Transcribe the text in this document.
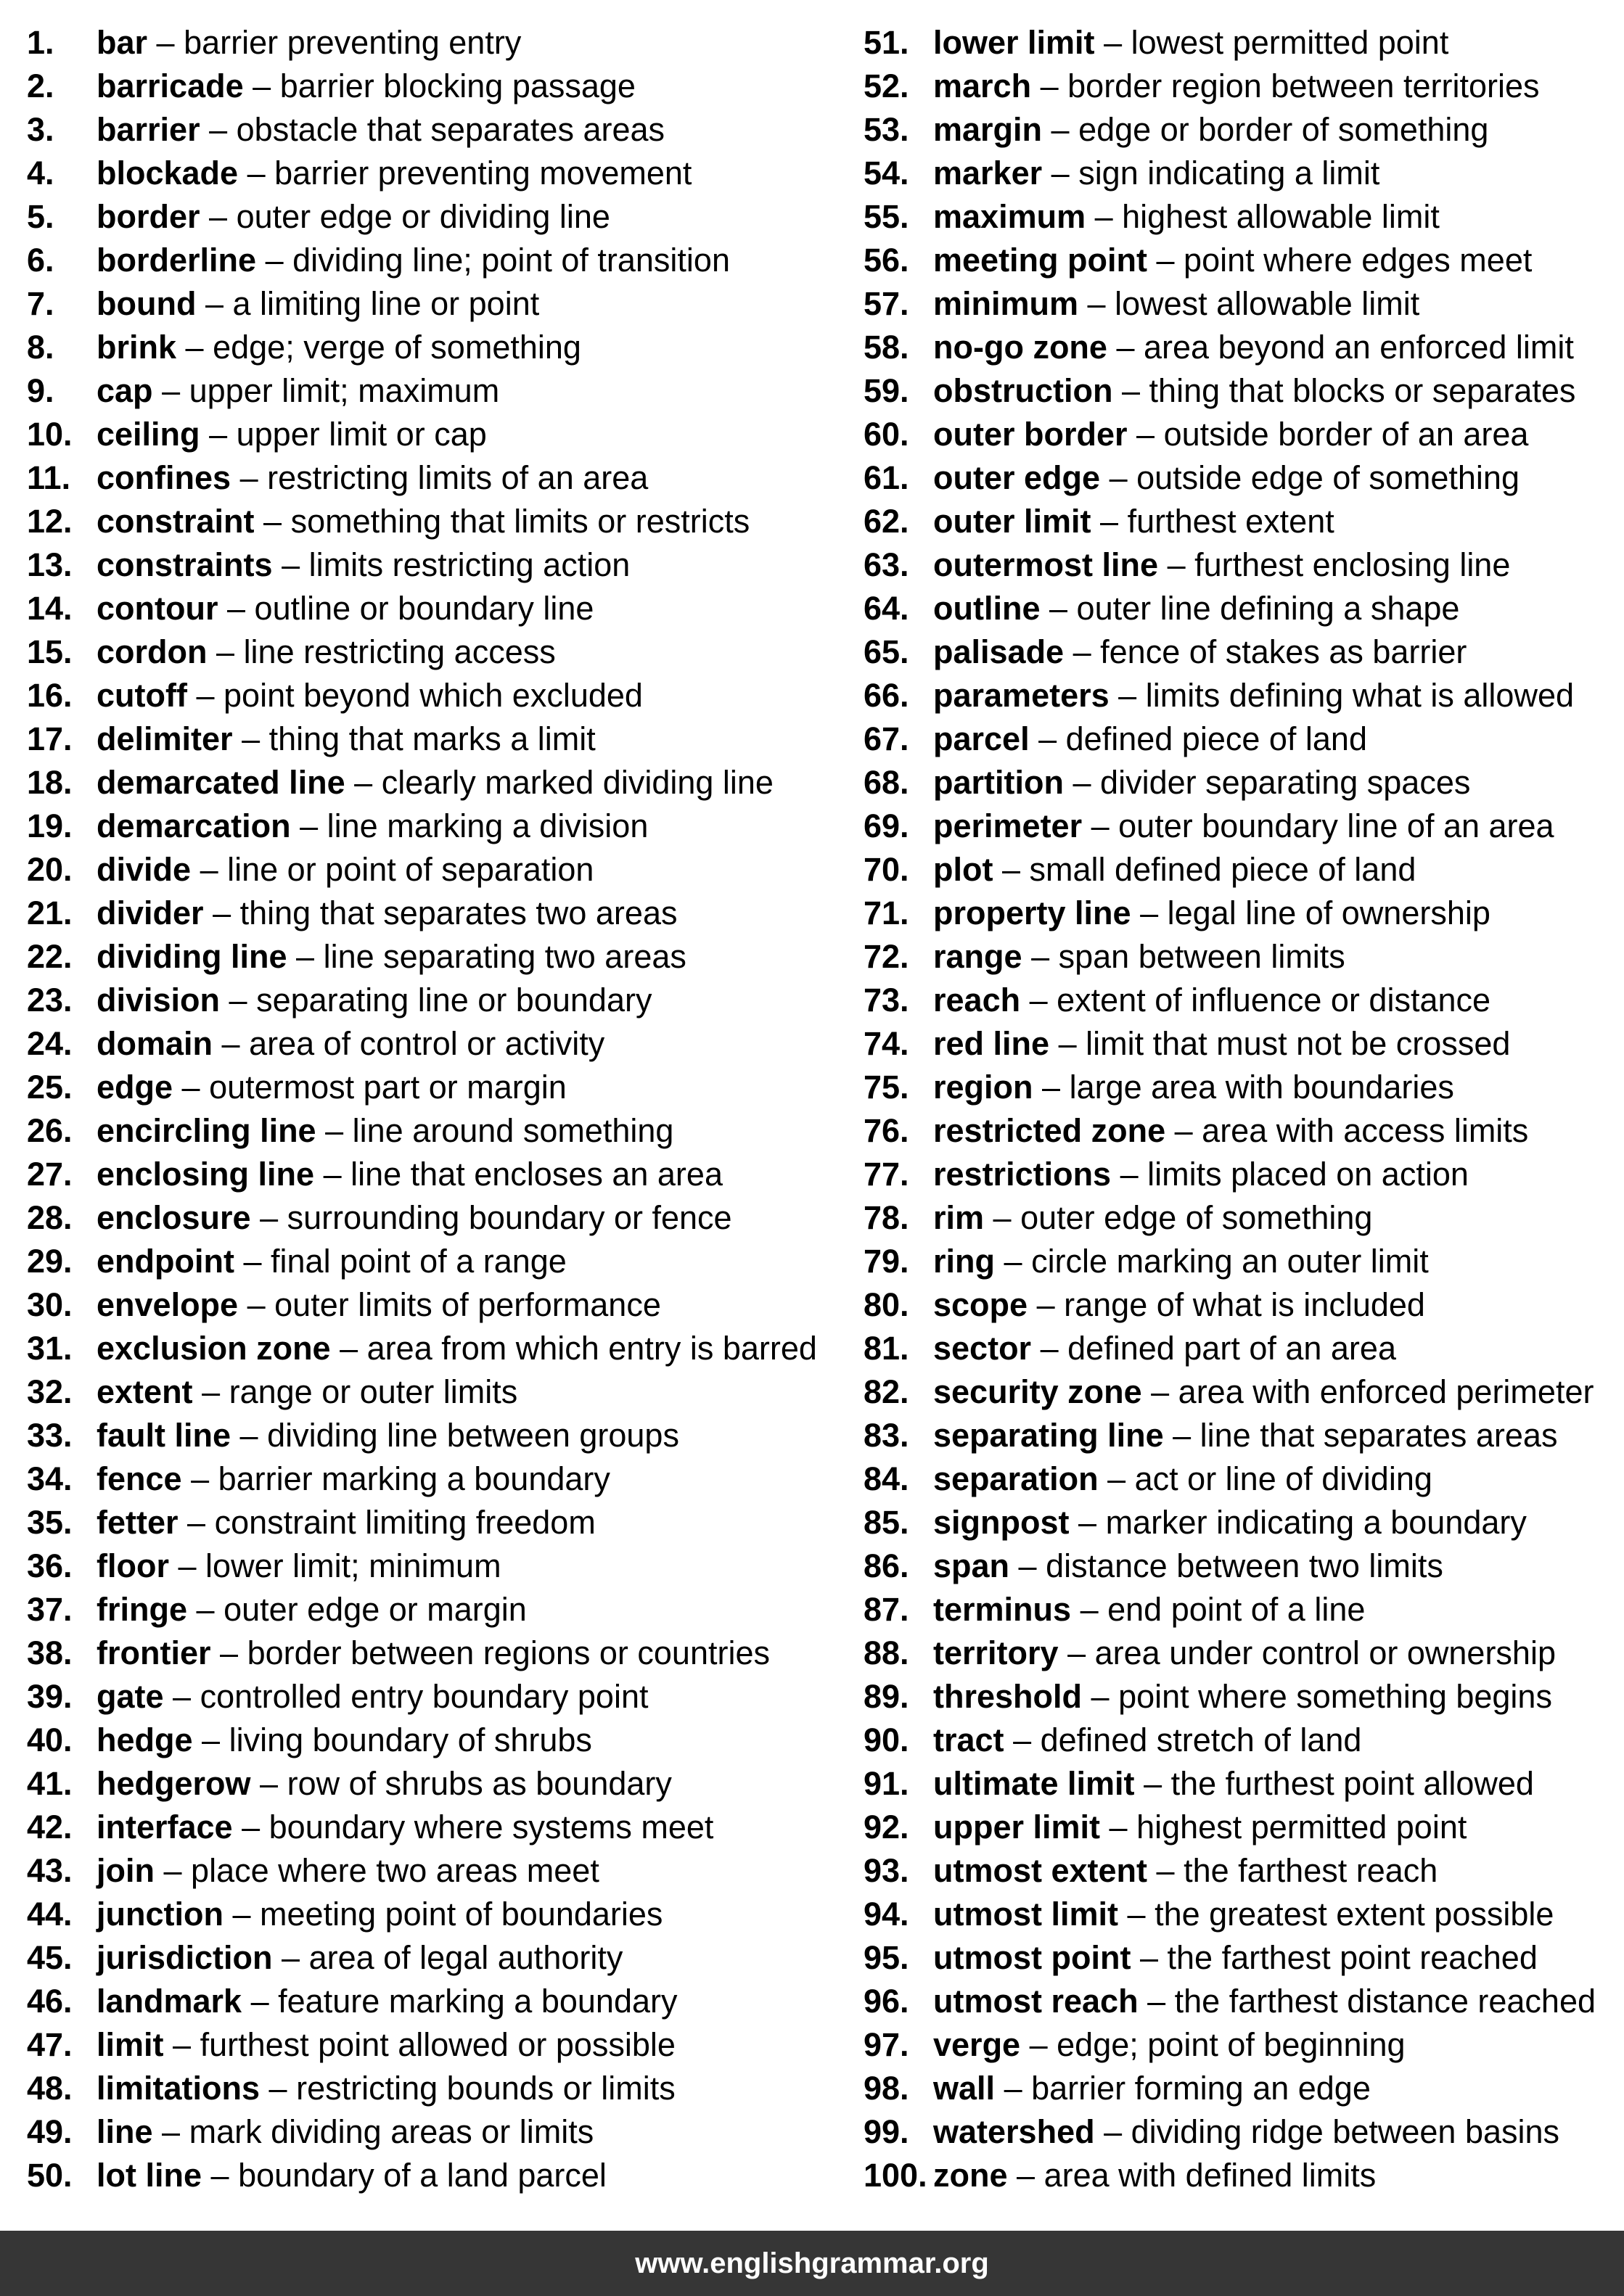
1. bar – barrier preventing entry
2. barricade – barrier blocking passage
3. barrier – obstacle that separates areas
4. blockade – barrier preventing movement
5. border – outer edge or dividing line
6. borderline – dividing line; point of transition
7. bound – a limiting line or point
8. brink – edge; verge of something
9. cap – upper limit; maximum
10. ceiling – upper limit or cap
11. confines – restricting limits of an area
12. constraint – something that limits or restricts
13. constraints – limits restricting action
14. contour – outline or boundary line
15. cordon – line restricting access
16. cutoff – point beyond which excluded
17. delimiter – thing that marks a limit
18. demarcated line – clearly marked dividing line
19. demarcation – line marking a division
20. divide – line or point of separation
21. divider – thing that separates two areas
22. dividing line – line separating two areas
23. division – separating line or boundary
24. domain – area of control or activity
25. edge – outermost part or margin
26. encircling line – line around something
27. enclosing line – line that encloses an area
28. enclosure – surrounding boundary or fence
29. endpoint – final point of a range
30. envelope – outer limits of performance
31. exclusion zone – area from which entry is barred
32. extent – range or outer limits
33. fault line – dividing line between groups
34. fence – barrier marking a boundary
35. fetter – constraint limiting freedom
36. floor – lower limit; minimum
37. fringe – outer edge or margin
38. frontier – border between regions or countries
39. gate – controlled entry boundary point
40. hedge – living boundary of shrubs
41. hedgerow – row of shrubs as boundary
42. interface – boundary where systems meet
43. join – place where two areas meet
44. junction – meeting point of boundaries
45. jurisdiction – area of legal authority
46. landmark – feature marking a boundary
47. limit – furthest point allowed or possible
48. limitations – restricting bounds or limits
49. line – mark dividing areas or limits
50. lot line – boundary of a land parcel
51. lower limit – lowest permitted point
52. march – border region between territories
53. margin – edge or border of something
54. marker – sign indicating a limit
55. maximum – highest allowable limit
56. meeting point – point where edges meet
57. minimum – lowest allowable limit
58. no-go zone – area beyond an enforced limit
59. obstruction – thing that blocks or separates
60. outer border – outside border of an area
61. outer edge – outside edge of something
62. outer limit – furthest extent
63. outermost line – furthest enclosing line
64. outline – outer line defining a shape
65. palisade – fence of stakes as barrier
66. parameters – limits defining what is allowed
67. parcel – defined piece of land
68. partition – divider separating spaces
69. perimeter – outer boundary line of an area
70. plot – small defined piece of land
71. property line – legal line of ownership
72. range – span between limits
73. reach – extent of influence or distance
74. red line – limit that must not be crossed
75. region – large area with boundaries
76. restricted zone – area with access limits
77. restrictions – limits placed on action
78. rim – outer edge of something
79. ring – circle marking an outer limit
80. scope – range of what is included
81. sector – defined part of an area
82. security zone – area with enforced perimeter
83. separating line – line that separates areas
84. separation – act or line of dividing
85. signpost – marker indicating a boundary
86. span – distance between two limits
87. terminus – end point of a line
88. territory – area under control or ownership
89. threshold – point where something begins
90. tract – defined stretch of land
91. ultimate limit – the furthest point allowed
92. upper limit – highest permitted point
93. utmost extent – the farthest reach
94. utmost limit – the greatest extent possible
95. utmost point – the farthest point reached
96. utmost reach – the farthest distance reached
97. verge – edge; point of beginning
98. wall – barrier forming an edge
99. watershed – dividing ridge between basins
100. zone – area with defined limits
www.englishgrammar.org
